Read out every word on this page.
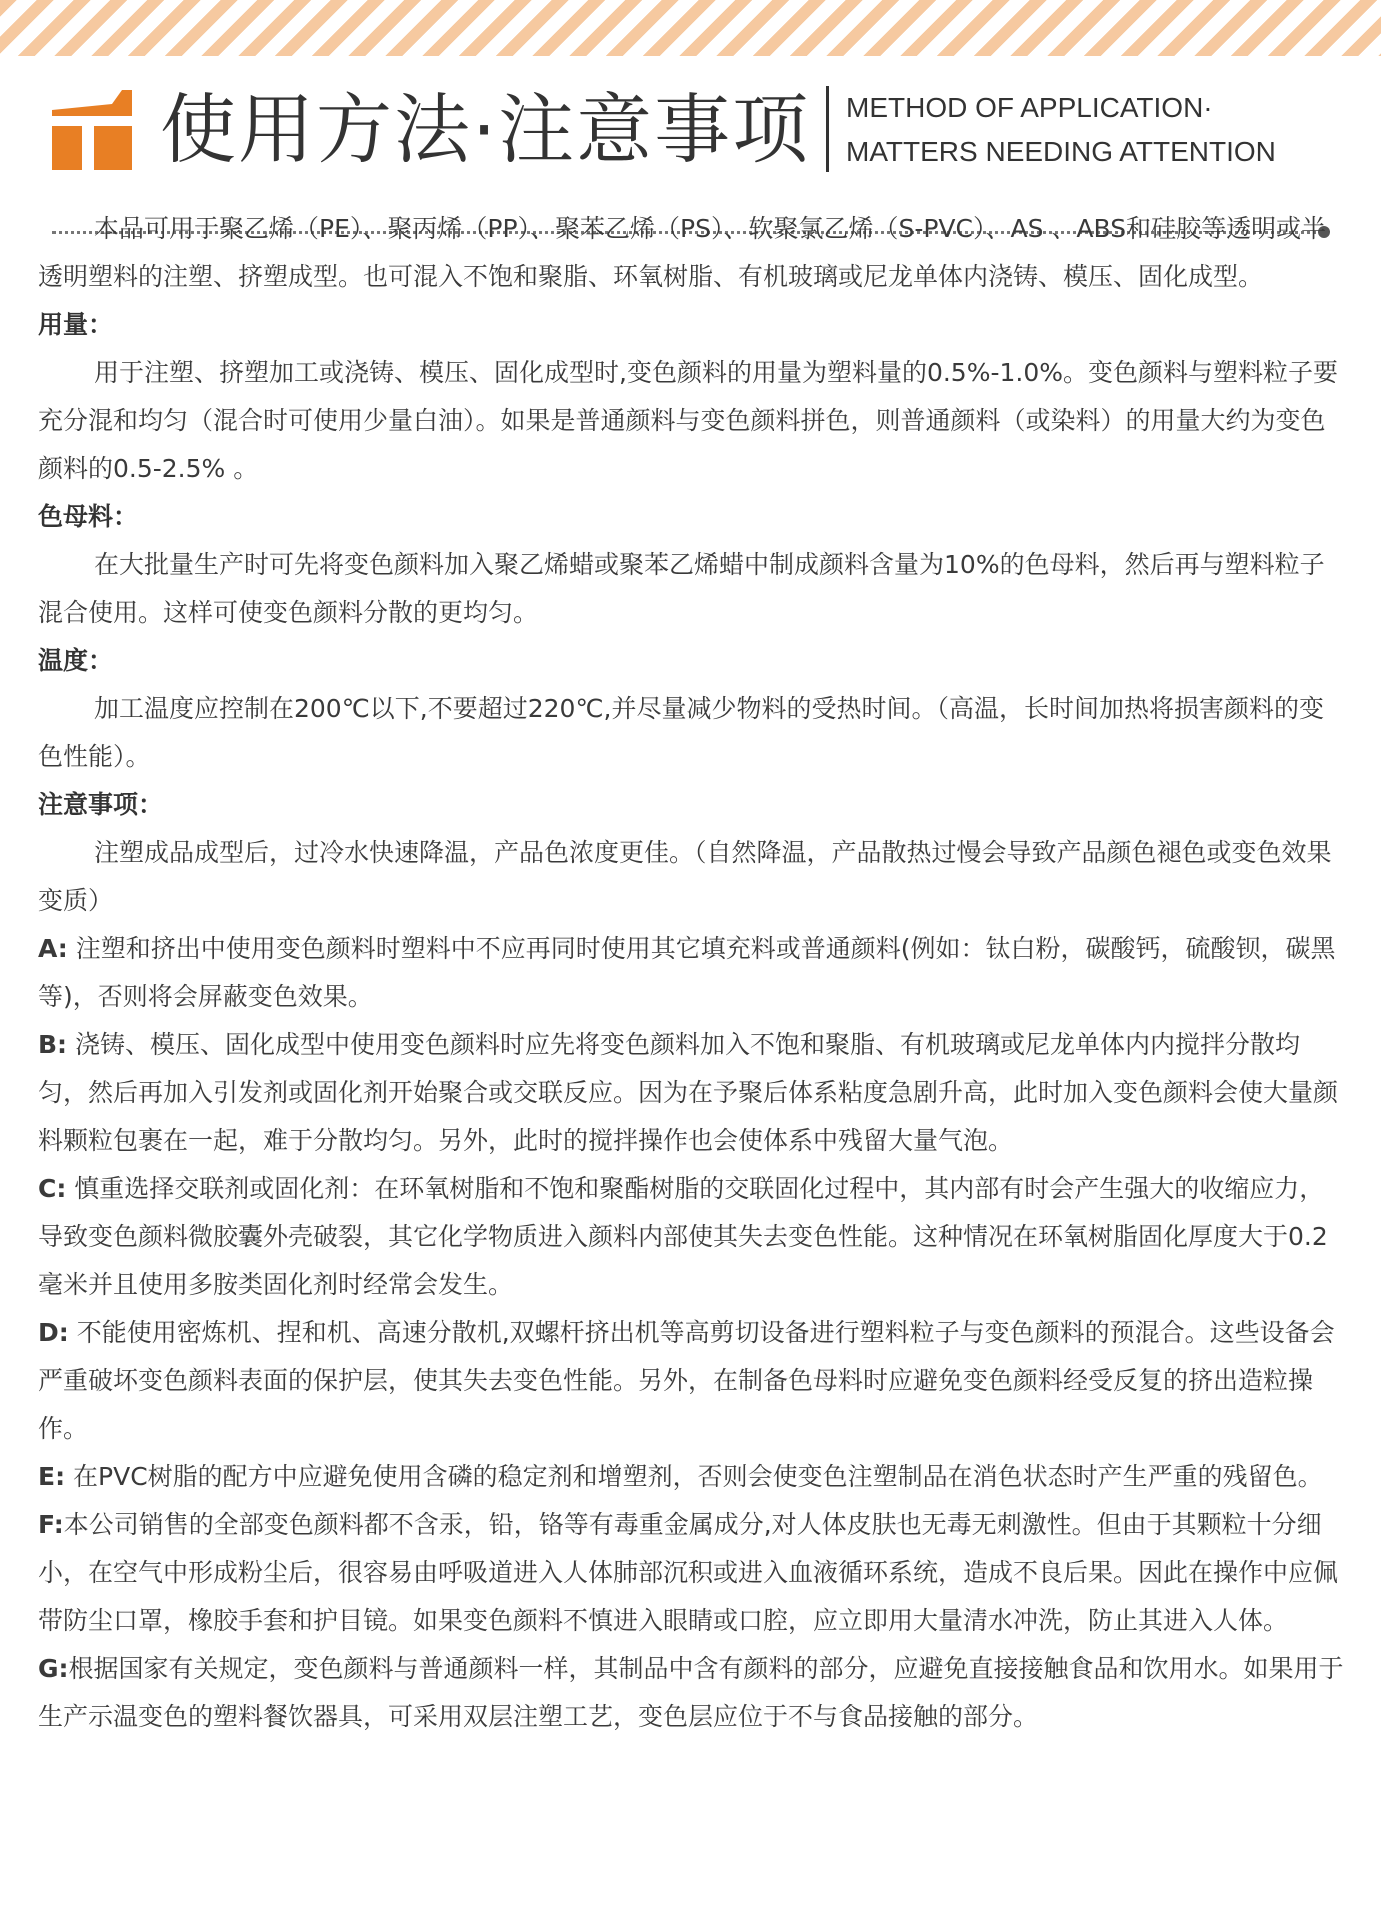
使用方法·注意事项 METHOD OF APPLICATION·
MATTERS NEEDING ATTENTION

本品可用于聚乙烯（PE）、聚丙烯（PP）、聚苯乙烯（PS）、软聚氯乙烯（S-PVC）、AS 、ABS和硅胶等透明或半透明塑料的注塑、挤塑成型。也可混入不饱和聚脂、环氧树脂、有机玻璃或尼龙单体内浇铸、模压、固化成型。

用量：

用于注塑、挤塑加工或浇铸、模压、固化成型时,变色颜料的用量为塑料量的0.5%-1.0%。变色颜料与塑料粒子要充分混和均匀（混合时可使用少量白油）。如果是普通颜料与变色颜料拼色，则普通颜料（或染料）的用量大约为变色颜料的0.5-2.5% 。

色母料：

在大批量生产时可先将变色颜料加入聚乙烯蜡或聚苯乙烯蜡中制成颜料含量为10%的色母料，然后再与塑料粒子混合使用。这样可使变色颜料分散的更均匀。

温度：

加工温度应控制在200℃以下,不要超过220℃,并尽量减少物料的受热时间。（高温，长时间加热将损害颜料的变色性能）。

注意事项：

注塑成品成型后，过冷水快速降温，产品色浓度更佳。（自然降温，产品散热过慢会导致产品颜色褪色或变色效果变质）

A: 注塑和挤出中使用变色颜料时塑料中不应再同时使用其它填充料或普通颜料(例如：钛白粉，碳酸钙，硫酸钡，碳黑等)，否则将会屏蔽变色效果。

B: 浇铸、模压、固化成型中使用变色颜料时应先将变色颜料加入不饱和聚脂、有机玻璃或尼龙单体内内搅拌分散均匀，然后再加入引发剂或固化剂开始聚合或交联反应。因为在予聚后体系粘度急剧升高，此时加入变色颜料会使大量颜料颗粒包裹在一起，难于分散均匀。另外，此时的搅拌操作也会使体系中残留大量气泡。

C: 慎重选择交联剂或固化剂：在环氧树脂和不饱和聚酯树脂的交联固化过程中，其内部有时会产生强大的收缩应力，导致变色颜料微胶囊外壳破裂，其它化学物质进入颜料内部使其失去变色性能。这种情况在环氧树脂固化厚度大于0.2毫米并且使用多胺类固化剂时经常会发生。

D: 不能使用密炼机、捏和机、高速分散机,双螺杆挤出机等高剪切设备进行塑料粒子与变色颜料的预混合。这些设备会严重破坏变色颜料表面的保护层，使其失去变色性能。另外，在制备色母料时应避免变色颜料经受反复的挤出造粒操作。

E: 在PVC树脂的配方中应避免使用含磷的稳定剂和增塑剂，否则会使变色注塑制品在消色状态时产生严重的残留色。

F:本公司销售的全部变色颜料都不含汞，铅，铬等有毒重金属成分,对人体皮肤也无毒无刺激性。但由于其颗粒十分细小，在空气中形成粉尘后，很容易由呼吸道进入人体肺部沉积或进入血液循环系统，造成不良后果。因此在操作中应佩带防尘口罩，橡胶手套和护目镜。如果变色颜料不慎进入眼睛或口腔，应立即用大量清水冲洗，防止其进入人体。

G:根据国家有关规定，变色颜料与普通颜料一样，其制品中含有颜料的部分，应避免直接接触食品和饮用水。如果用于生产示温变色的塑料餐饮器具，可采用双层注塑工艺，变色层应位于不与食品接触的部分。
